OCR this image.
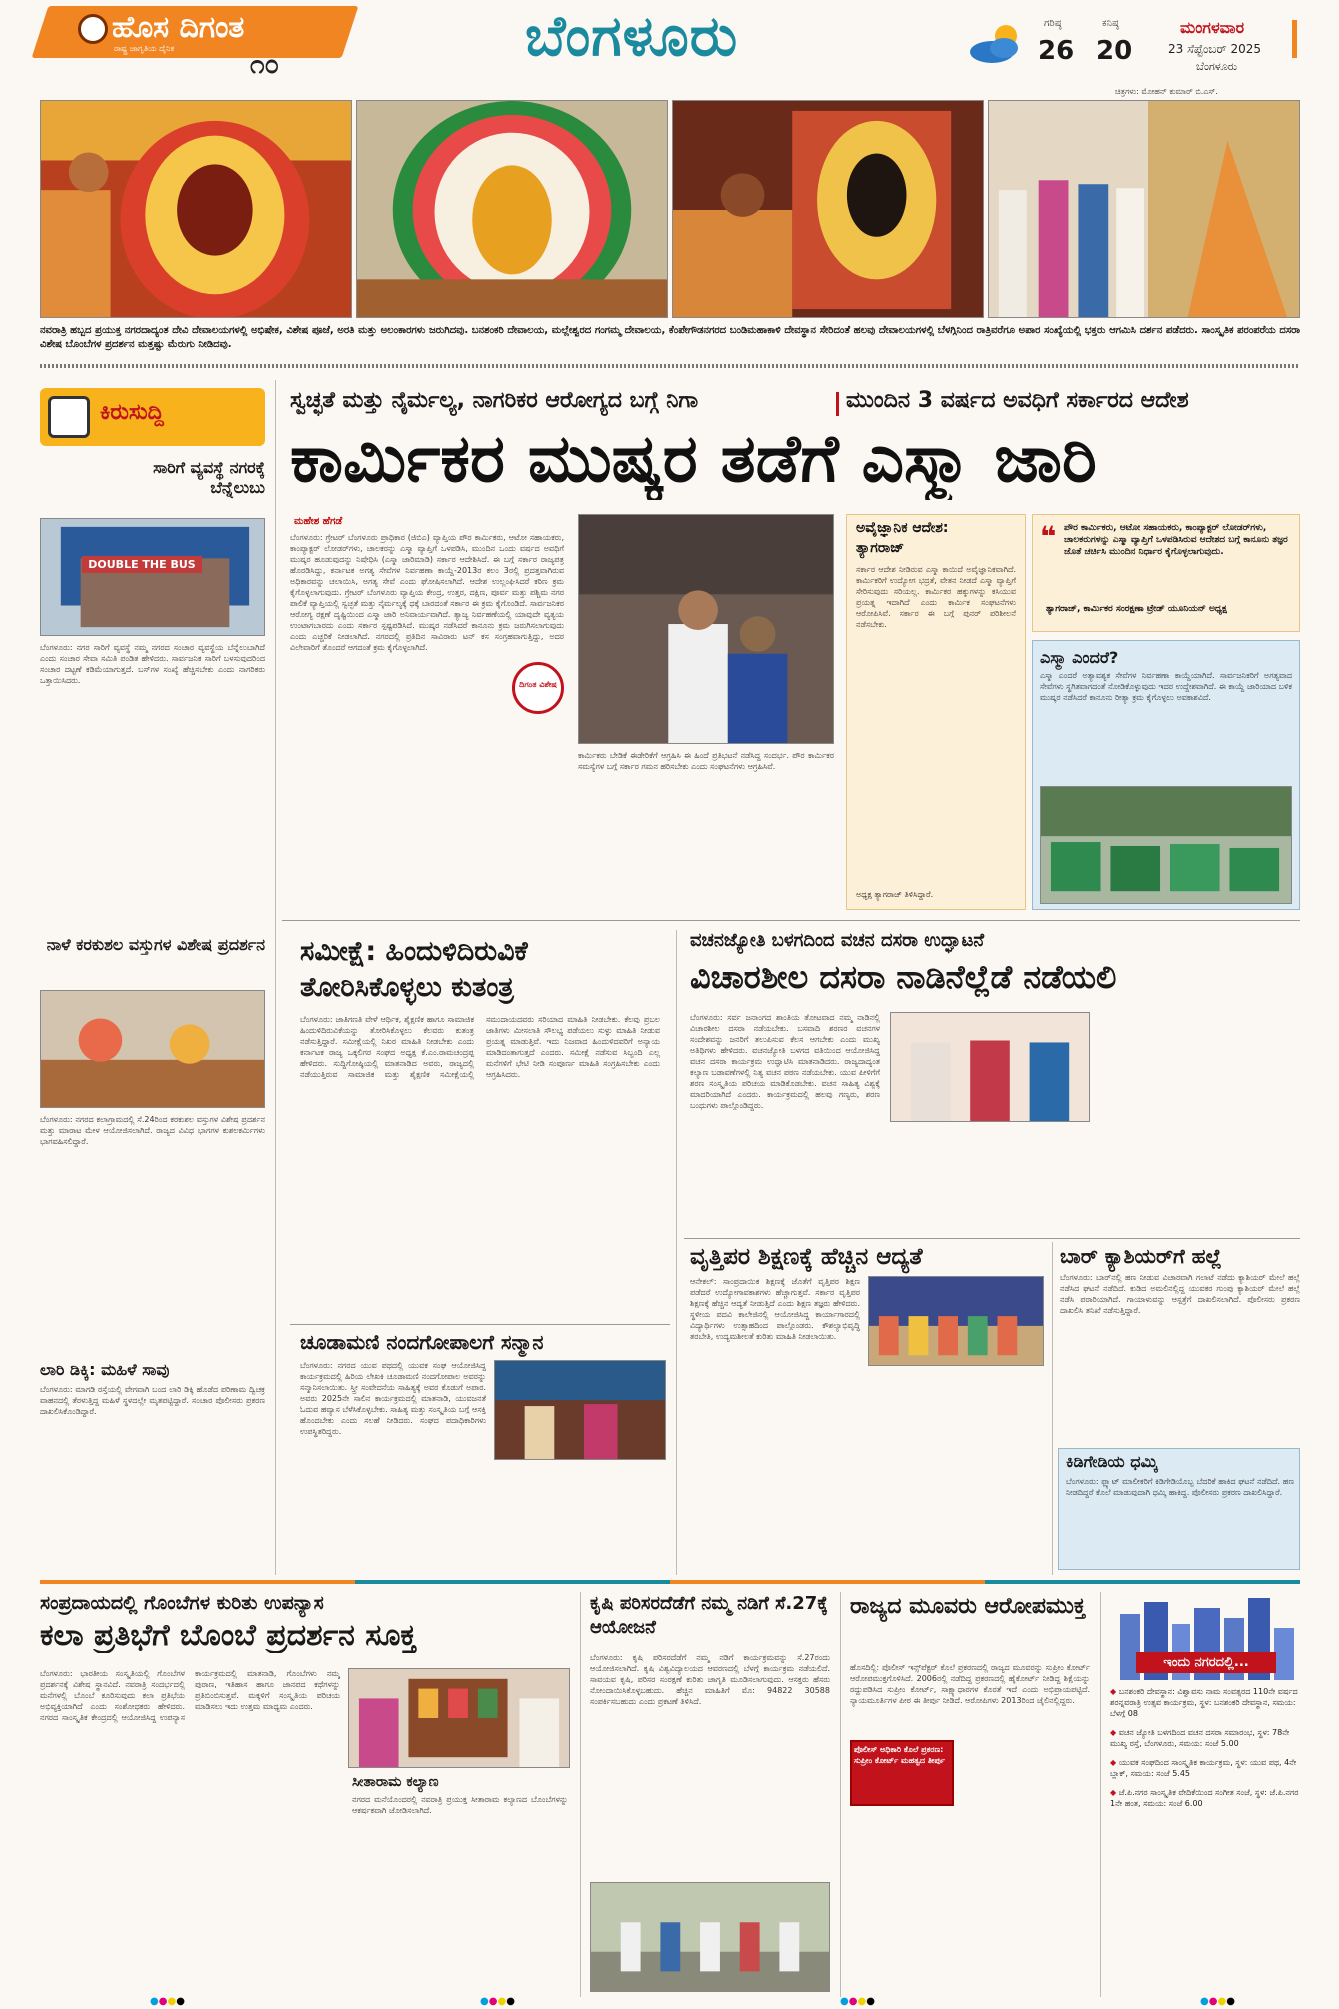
ಹೊಸ ದಿಗಂತ
ರಾಷ್ಟ್ರ ಜಾಗೃತಿಯ ದೈನಿಕ
೧೦	ಬೆಂಗಳೂರು	ಗರಿಷ್ಠ
26
ಕನಿಷ್ಠ
20
ಮಂಗಳವಾರ
23 ಸೆಪ್ಟೆಂಬರ್ 2025
ಬೆಂಗಳೂರು
ಚಿತ್ರಗಳು: ಮೋಹನ್ ಕುಮಾರ್ ಬಿ.ಎಸ್.
ನವರಾತ್ರಿ ಹಬ್ಬದ ಪ್ರಯುಕ್ತ ನಗರದಾದ್ಯಂತ ದೇವಿ ದೇವಾಲಯಗಳಲ್ಲಿ ಅಭಿಷೇಕ, ವಿಶೇಷ ಪೂಜೆ, ಅರತಿ ಮತ್ತು ಅಲಂಕಾರಗಳು ಜರುಗಿದವು. ಬನಶಂಕರಿ ದೇವಾಲಯ, ಮಲ್ಲೇಶ್ವರದ ಗಂಗಮ್ಮ ದೇವಾಲಯ, ಕೆಂಪೇಗೌಡನಗರದ ಬಂಡಿಮಹಾಕಾಳಿ ದೇವಸ್ಥಾನ ಸೇರಿದಂತೆ ಹಲವು ದೇವಾಲಯಗಳಲ್ಲಿ ಬೆಳಗ್ಗಿನಿಂದ ರಾತ್ರಿವರೆಗೂ ಅಪಾರ ಸಂಖ್ಯೆಯಲ್ಲಿ ಭಕ್ತರು ಆಗಮಿಸಿ ದರ್ಶನ ಪಡೆದರು. ಸಾಂಸ್ಕೃತಿಕ ಪರಂಪರೆಯ ದಸರಾ ವಿಶೇಷ ಬೊಂಬೆಗಳ ಪ್ರದರ್ಶನ ಮತ್ತಷ್ಟು ಮೆರುಗು ನೀಡಿದವು.
ಕಿರುಸುದ್ದಿ
ಸಾರಿಗೆ ವ್ಯವಸ್ಥೆ ನಗರಕ್ಕೆ ಬೆನ್ನೆಲುಬು
DOUBLE THE BUS
ಬೆಂಗಳೂರು: ನಗರ ಸಾರಿಗೆ ವ್ಯವಸ್ಥೆ ನಮ್ಮ ನಗರದ ಸಂಚಾರ ವ್ಯವಸ್ಥೆಯ ಬೆನ್ನೆಲುಬಾಗಿದೆ ಎಂದು ಸಂಚಾರ ಸೇವಾ ಸಮಿತಿ ಪಂಡಿತ ಹೇಳಿದರು. ಸಾರ್ವಜನಿಕ ಸಾರಿಗೆ ಬಳಸುವುದರಿಂದ ಸಂಚಾರ ದಟ್ಟಣೆ ಕಡಿಮೆಯಾಗುತ್ತದೆ. ಬಸ್‌ಗಳ ಸಂಖ್ಯೆ ಹೆಚ್ಚಿಸಬೇಕು ಎಂದು ನಾಗರಿಕರು ಒತ್ತಾಯಿಸಿದರು.
ನಾಳೆ ಕರಕುಶಲ ವಸ್ತುಗಳ ವಿಶೇಷ ಪ್ರದರ್ಶನ
ಬೆಂಗಳೂರು: ನಗರದ ಕಲಾಗ್ರಾಮದಲ್ಲಿ ಸೆ.24ರಿಂದ ಕರಕುಶಲ ವಸ್ತುಗಳ ವಿಶೇಷ ಪ್ರದರ್ಶನ ಮತ್ತು ಮಾರಾಟ ಮೇಳ ಆಯೋಜಿಸಲಾಗಿದೆ. ರಾಜ್ಯದ ವಿವಿಧ ಭಾಗಗಳ ಕುಶಲಕರ್ಮಿಗಳು ಭಾಗವಹಿಸಲಿದ್ದಾರೆ.
ಲಾರಿ ಡಿಕ್ಕಿ: ಮಹಿಳೆ ಸಾವು
ಬೆಂಗಳೂರು: ಮಾಗಡಿ ರಸ್ತೆಯಲ್ಲಿ ವೇಗವಾಗಿ ಬಂದ ಲಾರಿ ಡಿಕ್ಕಿ ಹೊಡೆದ ಪರಿಣಾಮ ದ್ವಿಚಕ್ರ ವಾಹನದಲ್ಲಿ ತೆರಳುತ್ತಿದ್ದ ಮಹಿಳೆ ಸ್ಥಳದಲ್ಲೇ ಮೃತಪಟ್ಟಿದ್ದಾರೆ. ಸಂಚಾರ ಪೊಲೀಸರು ಪ್ರಕರಣ ದಾಖಲಿಸಿಕೊಂಡಿದ್ದಾರೆ.
ಸ್ವಚ್ಛತೆ ಮತ್ತು ನೈರ್ಮಲ್ಯ, ನಾಗರಿಕರ ಆರೋಗ್ಯದ ಬಗ್ಗೆ ನಿಗಾ	ಮುಂದಿನ 3 ವರ್ಷದ ಅವಧಿಗೆ ಸರ್ಕಾರದ ಆದೇಶ
ಕಾರ್ಮಿಕರ ಮುಷ್ಕರ ತಡೆಗೆ ಎಸ್ಮಾ ಜಾರಿ
ಮಹೇಶ ಹೆಗಡೆ
ಬೆಂಗಳೂರು: ಗ್ರೇಟರ್ ಬೆಂಗಳೂರು ಪ್ರಾಧಿಕಾರ (ಜಿಬಿಎ) ವ್ಯಾಪ್ತಿಯ ಪೌರ ಕಾರ್ಮಿಕರು, ಆಟೋ ಸಹಾಯಕರು, ಕಾಂಪ್ಯಾಕ್ಟರ್ ಲೋಡರ್‌ಗಳು, ಚಾಲಕರನ್ನು ಎಸ್ಮಾ ವ್ಯಾಪ್ತಿಗೆ ಒಳಪಡಿಸಿ, ಮುಂದಿನ ಒಂದು ವರ್ಷದ ಅವಧಿಗೆ ಮುಷ್ಕರ ಹೂಡುವುದನ್ನು ನಿಷೇಧಿಸಿ (ಎಸ್ಮಾ ಜಾರಿಮಾಡಿ) ಸರ್ಕಾರ ಆದೇಶಿಸಿದೆ. ಈ ಬಗ್ಗೆ ಸರ್ಕಾರ ರಾಜ್ಯಪತ್ರ ಹೊರಡಿಸಿದ್ದು, ಕರ್ನಾಟಕ ಅಗತ್ಯ ಸೇವೆಗಳ ನಿರ್ವಹಣಾ ಕಾಯ್ದೆ-2013ರ ಕಲಂ 3ರಲ್ಲಿ ಪ್ರದತ್ತವಾಗಿರುವ ಅಧಿಕಾರವನ್ನು ಚಲಾಯಿಸಿ, ಅಗತ್ಯ ಸೇವೆ ಎಂದು ಘೋಷಿಸಲಾಗಿದೆ. ಆದೇಶ ಉಲ್ಲಂಘಿಸಿದರೆ ಕಠಿಣ ಕ್ರಮ ಕೈಗೊಳ್ಳಲಾಗುವುದು. ಗ್ರೇಟರ್ ಬೆಂಗಳೂರು ವ್ಯಾಪ್ತಿಯ ಕೇಂದ್ರ, ಉತ್ತರ, ದಕ್ಷಿಣ, ಪೂರ್ವ ಮತ್ತು ಪಶ್ಚಿಮ ನಗರ ಪಾಲಿಕೆ ವ್ಯಾಪ್ತಿಯಲ್ಲಿ ಸ್ವಚ್ಛತೆ ಮತ್ತು ನೈರ್ಮಲ್ಯಕ್ಕೆ ಧಕ್ಕೆ ಬಾರದಂತೆ ಸರ್ಕಾರ ಈ ಕ್ರಮ ಕೈಗೊಂಡಿದೆ. ಸಾರ್ವಜನಿಕರ ಆರೋಗ್ಯ ರಕ್ಷಣೆ ದೃಷ್ಟಿಯಿಂದ ಎಸ್ಮಾ ಜಾರಿ ಅನಿವಾರ್ಯವಾಗಿದೆ. ತ್ಯಾಜ್ಯ ನಿರ್ವಹಣೆಯಲ್ಲಿ ಯಾವುದೇ ವ್ಯತ್ಯಯ ಉಂಟಾಗಬಾರದು ಎಂದು ಸರ್ಕಾರ ಸ್ಪಷ್ಟಪಡಿಸಿದೆ. ಮುಷ್ಕರ ನಡೆಸಿದರೆ ಕಾನೂನು ಕ್ರಮ ಜರುಗಿಸಲಾಗುವುದು ಎಂದು ಎಚ್ಚರಿಕೆ ನೀಡಲಾಗಿದೆ. ನಗರದಲ್ಲಿ ಪ್ರತಿದಿನ ಸಾವಿರಾರು ಟನ್ ಕಸ ಸಂಗ್ರಹವಾಗುತ್ತಿದ್ದು, ಅದರ ವಿಲೇವಾರಿಗೆ ತೊಂದರೆ ಆಗದಂತೆ ಕ್ರಮ ಕೈಗೊಳ್ಳಲಾಗಿದೆ.
ದಿಗಂತ ವಿಶೇಷ
ಕಾರ್ಮಿಕರು ಬೇಡಿಕೆ ಈಡೇರಿಕೆಗೆ ಆಗ್ರಹಿಸಿ ಈ ಹಿಂದೆ ಪ್ರತಿಭಟನೆ ನಡೆಸಿದ್ದ ಸಂದರ್ಭ. ಪೌರ ಕಾರ್ಮಿಕರ ಸಮಸ್ಯೆಗಳ ಬಗ್ಗೆ ಸರ್ಕಾರ ಗಮನ ಹರಿಸಬೇಕು ಎಂದು ಸಂಘಟನೆಗಳು ಆಗ್ರಹಿಸಿವೆ.
ಅವೈಜ್ಞಾನಿಕ ಆದೇಶ:
ತ್ಯಾಗರಾಜ್
ಸರ್ಕಾರ ಆದೇಶ ನೀಡಿರುವ ಎಸ್ಮಾ ಕಾಯಿದೆ ಅವೈಜ್ಞಾನಿಕವಾಗಿದೆ. ಕಾರ್ಮಿಕರಿಗೆ ಉದ್ಯೋಗ ಭದ್ರತೆ, ವೇತನ ನೀಡದೆ ಎಸ್ಮಾ ವ್ಯಾಪ್ತಿಗೆ ಸೇರಿಸುವುದು ಸರಿಯಲ್ಲ. ಕಾರ್ಮಿಕರ ಹಕ್ಕುಗಳನ್ನು ಕಸಿಯುವ ಪ್ರಯತ್ನ ಇದಾಗಿದೆ ಎಂದು ಕಾರ್ಮಿಕ ಸಂಘಟನೆಗಳು ಆರೋಪಿಸಿವೆ. ಸರ್ಕಾರ ಈ ಬಗ್ಗೆ ಪುನರ್ ಪರಿಶೀಲನೆ ನಡೆಸಬೇಕು.
ಅಧ್ಯಕ್ಷ ತ್ಯಾಗರಾಜ್ ತಿಳಿಸಿದ್ದಾರೆ.
❝ ಪೌರ ಕಾರ್ಮಿಕರು, ಆಟೋ ಸಹಾಯಕರು, ಕಾಂಪ್ಯಾಕ್ಟರ್ ಲೋಡರ್‌ಗಳು, ಚಾಲಕರುಗಳನ್ನು ಎಸ್ಮಾ ವ್ಯಾಪ್ತಿಗೆ ಒಳಪಡಿಸಿರುವ ಆದೇಶದ ಬಗ್ಗೆ ಕಾನೂನು ತಜ್ಞರ ಜೊತೆ ಚರ್ಚಿಸಿ ಮುಂದಿನ ನಿರ್ಧಾರ ಕೈಗೊಳ್ಳಲಾಗುವುದು.
ತ್ಯಾಗರಾಜ್, ಕಾರ್ಮಿಕರ ಸಂರಕ್ಷಣಾ ಟ್ರೇಡ್ ಯೂನಿಯನ್ ಅಧ್ಯಕ್ಷ
ಎಸ್ಮಾ ಎಂದರೆ?
ಎಸ್ಮಾ ಎಂದರೆ ಅತ್ಯಾವಶ್ಯಕ ಸೇವೆಗಳ ನಿರ್ವಹಣಾ ಕಾಯ್ದೆಯಾಗಿದೆ. ಸಾರ್ವಜನಿಕರಿಗೆ ಅಗತ್ಯವಾದ ಸೇವೆಗಳು ಸ್ಥಗಿತವಾಗದಂತೆ ನೋಡಿಕೊಳ್ಳುವುದು ಇದರ ಉದ್ದೇಶವಾಗಿದೆ. ಈ ಕಾಯ್ದೆ ಜಾರಿಯಾದ ಬಳಿಕ ಮುಷ್ಕರ ನಡೆಸಿದರೆ ಕಾನೂನು ರೀತ್ಯಾ ಕ್ರಮ ಕೈಗೊಳ್ಳಲು ಅವಕಾಶವಿದೆ.
ಸಮೀಕ್ಷೆ: ಹಿಂದುಳಿದಿರುವಿಕೆ ತೋರಿಸಿಕೊಳ್ಳಲು ಕುತಂತ್ರ
ಬೆಂಗಳೂರು: ಜಾತಿಗಣತಿ ವೇಳೆ ಆರ್ಥಿಕ, ಶೈಕ್ಷಣಿಕ ಹಾಗೂ ಸಾಮಾಜಿಕ ಹಿಂದುಳಿದಿರುವಿಕೆಯನ್ನು ತೋರಿಸಿಕೊಳ್ಳಲು ಕೆಲವರು ಕುತಂತ್ರ ನಡೆಸುತ್ತಿದ್ದಾರೆ. ಸಮೀಕ್ಷೆಯಲ್ಲಿ ನಿಖರ ಮಾಹಿತಿ ನೀಡಬೇಕು ಎಂದು ಕರ್ನಾಟಕ ರಾಜ್ಯ ಒಕ್ಕಲಿಗರ ಸಂಘದ ಅಧ್ಯಕ್ಷ ಕೆ.ಎಂ.ರಾಮಚಂದ್ರಪ್ಪ ಹೇಳಿದರು. ಸುದ್ದಿಗೋಷ್ಠಿಯಲ್ಲಿ ಮಾತನಾಡಿದ ಅವರು, ರಾಜ್ಯದಲ್ಲಿ ನಡೆಯುತ್ತಿರುವ ಸಾಮಾಜಿಕ ಮತ್ತು ಶೈಕ್ಷಣಿಕ ಸಮೀಕ್ಷೆಯಲ್ಲಿ ಸಮುದಾಯದವರು ಸರಿಯಾದ ಮಾಹಿತಿ ನೀಡಬೇಕು. ಕೆಲವು ಪ್ರಬಲ ಜಾತಿಗಳು ಮೀಸಲಾತಿ ಸೌಲಭ್ಯ ಪಡೆಯಲು ಸುಳ್ಳು ಮಾಹಿತಿ ನೀಡುವ ಪ್ರಯತ್ನ ಮಾಡುತ್ತಿವೆ. ಇದು ನಿಜವಾದ ಹಿಂದುಳಿದವರಿಗೆ ಅನ್ಯಾಯ ಮಾಡಿದಂತಾಗುತ್ತದೆ ಎಂದರು. ಸಮೀಕ್ಷೆ ನಡೆಸುವ ಸಿಬ್ಬಂದಿ ಎಲ್ಲ ಮನೆಗಳಿಗೆ ಭೇಟಿ ನೀಡಿ ಸಂಪೂರ್ಣ ಮಾಹಿತಿ ಸಂಗ್ರಹಿಸಬೇಕು ಎಂದು ಆಗ್ರಹಿಸಿದರು.
ಚೂಡಾಮಣಿ ನಂದಗೋಪಾಲಗೆ ಸನ್ಮಾನ
ಬೆಂಗಳೂರು: ನಗರದ ಯುವ ಪಥದಲ್ಲಿ ಯುವಕ ಸಂಘ ಆಯೋಜಿಸಿದ್ದ ಕಾರ್ಯಕ್ರಮದಲ್ಲಿ ಹಿರಿಯ ಲೇಖಕಿ ಚೂಡಾಮಣಿ ನಂದಗೋಪಾಲ ಅವರನ್ನು ಸನ್ಮಾನಿಸಲಾಯಿತು. ಸ್ತ್ರೀ ಸಂವೇದನೆಯ ಸಾಹಿತ್ಯಕ್ಕೆ ಅವರ ಕೊಡುಗೆ ಅಪಾರ. ಅವರು 2025ನೇ ಸಾಲಿನ ಕಾರ್ಯಕ್ರಮದಲ್ಲಿ ಮಾತನಾಡಿ, ಯುವಜನತೆ ಓದುವ ಹವ್ಯಾಸ ಬೆಳೆಸಿಕೊಳ್ಳಬೇಕು. ಸಾಹಿತ್ಯ ಮತ್ತು ಸಂಸ್ಕೃತಿಯ ಬಗ್ಗೆ ಆಸಕ್ತಿ ಹೊಂದಬೇಕು ಎಂದು ಸಲಹೆ ನೀಡಿದರು. ಸಂಘದ ಪದಾಧಿಕಾರಿಗಳು ಉಪಸ್ಥಿತರಿದ್ದರು.
ವಚನಜ್ಯೋತಿ ಬಳಗದಿಂದ ವಚನ ದಸರಾ ಉದ್ಘಾಟನೆ
ವಿಚಾರಶೀಲ ದಸರಾ ನಾಡಿನೆಲ್ಲೆಡೆ ನಡೆಯಲಿ
ಬೆಂಗಳೂರು: ಸರ್ವ ಜನಾಂಗದ ಶಾಂತಿಯ ತೋಟವಾದ ನಮ್ಮ ನಾಡಿನಲ್ಲಿ ವಿಚಾರಶೀಲ ದಸರಾ ನಡೆಯಬೇಕು. ಬಸವಾದಿ ಶರಣರ ವಚನಗಳ ಸಂದೇಶವನ್ನು ಜನರಿಗೆ ತಲುಪಿಸುವ ಕೆಲಸ ಆಗಬೇಕು ಎಂದು ಮುಖ್ಯ ಅತಿಥಿಗಳು ಹೇಳಿದರು. ವಚನಜ್ಯೋತಿ ಬಳಗದ ವತಿಯಿಂದ ಆಯೋಜಿಸಿದ್ದ ವಚನ ದಸರಾ ಕಾರ್ಯಕ್ರಮ ಉದ್ಘಾಟಿಸಿ ಮಾತನಾಡಿದರು. ರಾಜ್ಯದಾದ್ಯಂತ ಕಲ್ಯಾಣ ಬಡಾವಣೆಗಳಲ್ಲಿ ನಿತ್ಯ ವಚನ ಪಠಣ ನಡೆಯಬೇಕು. ಯುವ ಪೀಳಿಗೆಗೆ ಶರಣ ಸಂಸ್ಕೃತಿಯ ಪರಿಚಯ ಮಾಡಿಕೊಡಬೇಕು. ವಚನ ಸಾಹಿತ್ಯ ವಿಶ್ವಕ್ಕೆ ಮಾದರಿಯಾಗಿದೆ ಎಂದರು. ಕಾರ್ಯಕ್ರಮದಲ್ಲಿ ಹಲವು ಗಣ್ಯರು, ಶರಣ ಬಂಧುಗಳು ಪಾಲ್ಗೊಂಡಿದ್ದರು.
ವೃತ್ತಿಪರ ಶಿಕ್ಷಣಕ್ಕೆ ಹೆಚ್ಚಿನ ಆದ್ಯತೆ
ಆನೇಕಲ್: ಸಾಂಪ್ರದಾಯಿಕ ಶಿಕ್ಷಣಕ್ಕೆ ಜೊತೆಗೆ ವೃತ್ತಿಪರ ಶಿಕ್ಷಣ ಪಡೆದರೆ ಉದ್ಯೋಗಾವಕಾಶಗಳು ಹೆಚ್ಚಾಗುತ್ತವೆ. ಸರ್ಕಾರ ವೃತ್ತಿಪರ ಶಿಕ್ಷಣಕ್ಕೆ ಹೆಚ್ಚಿನ ಆದ್ಯತೆ ನೀಡುತ್ತಿದೆ ಎಂದು ಶಿಕ್ಷಣ ತಜ್ಞರು ಹೇಳಿದರು. ಸ್ಥಳೀಯ ಪದವಿ ಕಾಲೇಜಿನಲ್ಲಿ ಆಯೋಜಿಸಿದ್ದ ಕಾರ್ಯಾಗಾರದಲ್ಲಿ ವಿದ್ಯಾರ್ಥಿಗಳು ಉತ್ಸಾಹದಿಂದ ಪಾಲ್ಗೊಂಡರು. ಕೌಶಲ್ಯಾಭಿವೃದ್ಧಿ ತರಬೇತಿ, ಉದ್ಯಮಶೀಲತೆ ಕುರಿತು ಮಾಹಿತಿ ನೀಡಲಾಯಿತು.
ಬಾರ್ ಕ್ಯಾಶಿಯರ್‌ಗೆ ಹಲ್ಲೆ
ಬೆಂಗಳೂರು: ಬಾರ್‌ನಲ್ಲಿ ಹಣ ನೀಡುವ ವಿಚಾರವಾಗಿ ಗಲಾಟೆ ನಡೆದು ಕ್ಯಾಶಿಯರ್ ಮೇಲೆ ಹಲ್ಲೆ ನಡೆಸಿದ ಘಟನೆ ನಡೆದಿದೆ. ಕುಡಿದ ಅಮಲಿನಲ್ಲಿದ್ದ ಯುವಕರ ಗುಂಪು ಕ್ಯಾಶಿಯರ್ ಮೇಲೆ ಹಲ್ಲೆ ನಡೆಸಿ ಪರಾರಿಯಾಗಿದೆ. ಗಾಯಾಳುವನ್ನು ಆಸ್ಪತ್ರೆಗೆ ದಾಖಲಿಸಲಾಗಿದೆ. ಪೊಲೀಸರು ಪ್ರಕರಣ ದಾಖಲಿಸಿ ತನಿಖೆ ನಡೆಸುತ್ತಿದ್ದಾರೆ.
ಕಿಡಿಗೇಡಿಯ ಧಮ್ಕಿ
ಬೆಂಗಳೂರು: ಫ್ಲ್ಯಾಟ್ ಮಾಲೀಕರಿಗೆ ಕಿಡಿಗೇಡಿಯೊಬ್ಬ ಬೆದರಿಕೆ ಹಾಕಿದ ಘಟನೆ ನಡೆದಿದೆ. ಹಣ ನೀಡದಿದ್ದರೆ ಕೊಲೆ ಮಾಡುವುದಾಗಿ ಧಮ್ಕಿ ಹಾಕಿದ್ದ. ಪೊಲೀಸರು ಪ್ರಕರಣ ದಾಖಲಿಸಿದ್ದಾರೆ.
ಸಂಪ್ರದಾಯದಲ್ಲಿ ಗೊಂಬೆಗಳ ಕುರಿತು ಉಪನ್ಯಾಸ
ಕಲಾ ಪ್ರತಿಭೆಗೆ ಬೊಂಬೆ ಪ್ರದರ್ಶನ ಸೂಕ್ತ
ಬೆಂಗಳೂರು: ಭಾರತೀಯ ಸಂಸ್ಕೃತಿಯಲ್ಲಿ ಗೊಂಬೆಗಳ ಪ್ರದರ್ಶನಕ್ಕೆ ವಿಶೇಷ ಸ್ಥಾನವಿದೆ. ನವರಾತ್ರಿ ಸಂದರ್ಭದಲ್ಲಿ ಮನೆಗಳಲ್ಲಿ ಬೊಂಬೆ ಕೂರಿಸುವುದು ಕಲಾ ಪ್ರತಿಭೆಯ ಅಭಿವ್ಯಕ್ತಿಯಾಗಿದೆ ಎಂದು ಸಂಶೋಧಕರು ಹೇಳಿದರು. ನಗರದ ಸಾಂಸ್ಕೃತಿಕ ಕೇಂದ್ರದಲ್ಲಿ ಆಯೋಜಿಸಿದ್ದ ಉಪನ್ಯಾಸ ಕಾರ್ಯಕ್ರಮದಲ್ಲಿ ಮಾತನಾಡಿ, ಗೊಂಬೆಗಳು ನಮ್ಮ ಪುರಾಣ, ಇತಿಹಾಸ ಹಾಗೂ ಜಾನಪದ ಕಥೆಗಳನ್ನು ಪ್ರತಿಬಿಂಬಿಸುತ್ತವೆ. ಮಕ್ಕಳಿಗೆ ಸಂಸ್ಕೃತಿಯ ಪರಿಚಯ ಮಾಡಿಸಲು ಇದು ಉತ್ತಮ ಮಾಧ್ಯಮ ಎಂದರು.
ಸೀತಾರಾಮ ಕಲ್ಯಾಣ
ನಗರದ ಮನೆಯೊಂದರಲ್ಲಿ ನವರಾತ್ರಿ ಪ್ರಯುಕ್ತ ಸೀತಾರಾಮ ಕಲ್ಯಾಣದ ಬೊಂಬೆಗಳನ್ನು ಆಕರ್ಷಕವಾಗಿ ಜೋಡಿಸಲಾಗಿದೆ.
ಕೃಷಿ ಪರಿಸರದೆಡೆಗೆ ನಮ್ಮ ನಡಿಗೆ ಸೆ.27ಕ್ಕೆ ಆಯೋಜನೆ
ಬೆಂಗಳೂರು: ಕೃಷಿ ಪರಿಸರದೆಡೆಗೆ ನಮ್ಮ ನಡಿಗೆ ಕಾರ್ಯಕ್ರಮವನ್ನು ಸೆ.27ರಂದು ಆಯೋಜಿಸಲಾಗಿದೆ. ಕೃಷಿ ವಿಶ್ವವಿದ್ಯಾಲಯದ ಆವರಣದಲ್ಲಿ ಬೆಳಗ್ಗೆ ಕಾರ್ಯಕ್ರಮ ನಡೆಯಲಿದೆ. ಸಾವಯವ ಕೃಷಿ, ಪರಿಸರ ಸಂರಕ್ಷಣೆ ಕುರಿತು ಜಾಗೃತಿ ಮೂಡಿಸಲಾಗುವುದು. ಆಸಕ್ತರು ಹೆಸರು ನೋಂದಾಯಿಸಿಕೊಳ್ಳಬಹುದು. ಹೆಚ್ಚಿನ ಮಾಹಿತಿಗೆ ಮೊ: 94822 30588 ಸಂಪರ್ಕಿಸಬಹುದು ಎಂದು ಪ್ರಕಟಣೆ ತಿಳಿಸಿದೆ.
ರಾಜ್ಯದ ಮೂವರು ಆರೋಪಮುಕ್ತ
ಹೊಸದಿಲ್ಲಿ: ಪೊಲೀಸ್ ಇನ್ಸ್‌ಪೆಕ್ಟರ್ ಕೊಲೆ ಪ್ರಕರಣದಲ್ಲಿ ರಾಜ್ಯದ ಮೂವರನ್ನು ಸುಪ್ರೀಂ ಕೋರ್ಟ್ ಆರೋಪಮುಕ್ತಗೊಳಿಸಿದೆ. 2006ರಲ್ಲಿ ನಡೆದಿದ್ದ ಪ್ರಕರಣದಲ್ಲಿ ಹೈಕೋರ್ಟ್ ನೀಡಿದ್ದ ಶಿಕ್ಷೆಯನ್ನು ರದ್ದುಪಡಿಸಿದ ಸುಪ್ರೀಂ ಕೋರ್ಟ್, ಸಾಕ್ಷ್ಯಾಧಾರಗಳ ಕೊರತೆ ಇದೆ ಎಂದು ಅಭಿಪ್ರಾಯಪಟ್ಟಿದೆ. ನ್ಯಾಯಮೂರ್ತಿಗಳ ಪೀಠ ಈ ತೀರ್ಪು ನೀಡಿದೆ. ಆರೋಪಿಗಳು 2013ರಿಂದ ಜೈಲಿನಲ್ಲಿದ್ದರು.
ಪೊಲೀಸ್ ಅಧಿಕಾರಿ ಕೊಲೆ ಪ್ರಕರಣ: ಸುಪ್ರೀಂ ಕೋರ್ಟ್ ಮಹತ್ವದ ತೀರ್ಪು
ಇಂದು ನಗರದಲ್ಲಿ...
◆ ಬನಶಂಕರಿ ದೇವಸ್ಥಾನ: ವಿಶ್ವಾವಸು ನಾಮ ಸಂವತ್ಸರದ 110ನೇ ವರ್ಷದ ಶರನ್ನವರಾತ್ರಿ ಉತ್ಸವ ಕಾರ್ಯಕ್ರಮ, ಸ್ಥಳ: ಬನಶಂಕರಿ ದೇವಸ್ಥಾನ, ಸಮಯ: ಬೆಳಗ್ಗೆ 08
◆ ವಚನ ಜ್ಯೋತಿ ಬಳಗದಿಂದ ವಚನ ದಸರಾ ಸಮಾರಂಭ, ಸ್ಥಳ: 78ನೇ ಮುಖ್ಯ ರಸ್ತೆ, ಬೆಂಗಳೂರು, ಸಮಯ: ಸಂಜೆ 5.00
◆ ಯುವಕ ಸಂಘದಿಂದ ಸಾಂಸ್ಕೃತಿಕ ಕಾರ್ಯಕ್ರಮ, ಸ್ಥಳ: ಯುವ ಪಥ, 4ನೇ ಬ್ಲಾಕ್, ಸಮಯ: ಸಂಜೆ 5.45
◆ ಜೆ.ಪಿ.ನಗರ ಸಾಂಸ್ಕೃತಿಕ ವೇದಿಕೆಯಿಂದ ಸಂಗೀತ ಸಂಜೆ, ಸ್ಥಳ: ಜೆ.ಪಿ.ನಗರ 1ನೇ ಹಂತ, ಸಮಯ: ಸಂಜೆ 6.00
●●●●	●●●●	●●●●	●●●●
